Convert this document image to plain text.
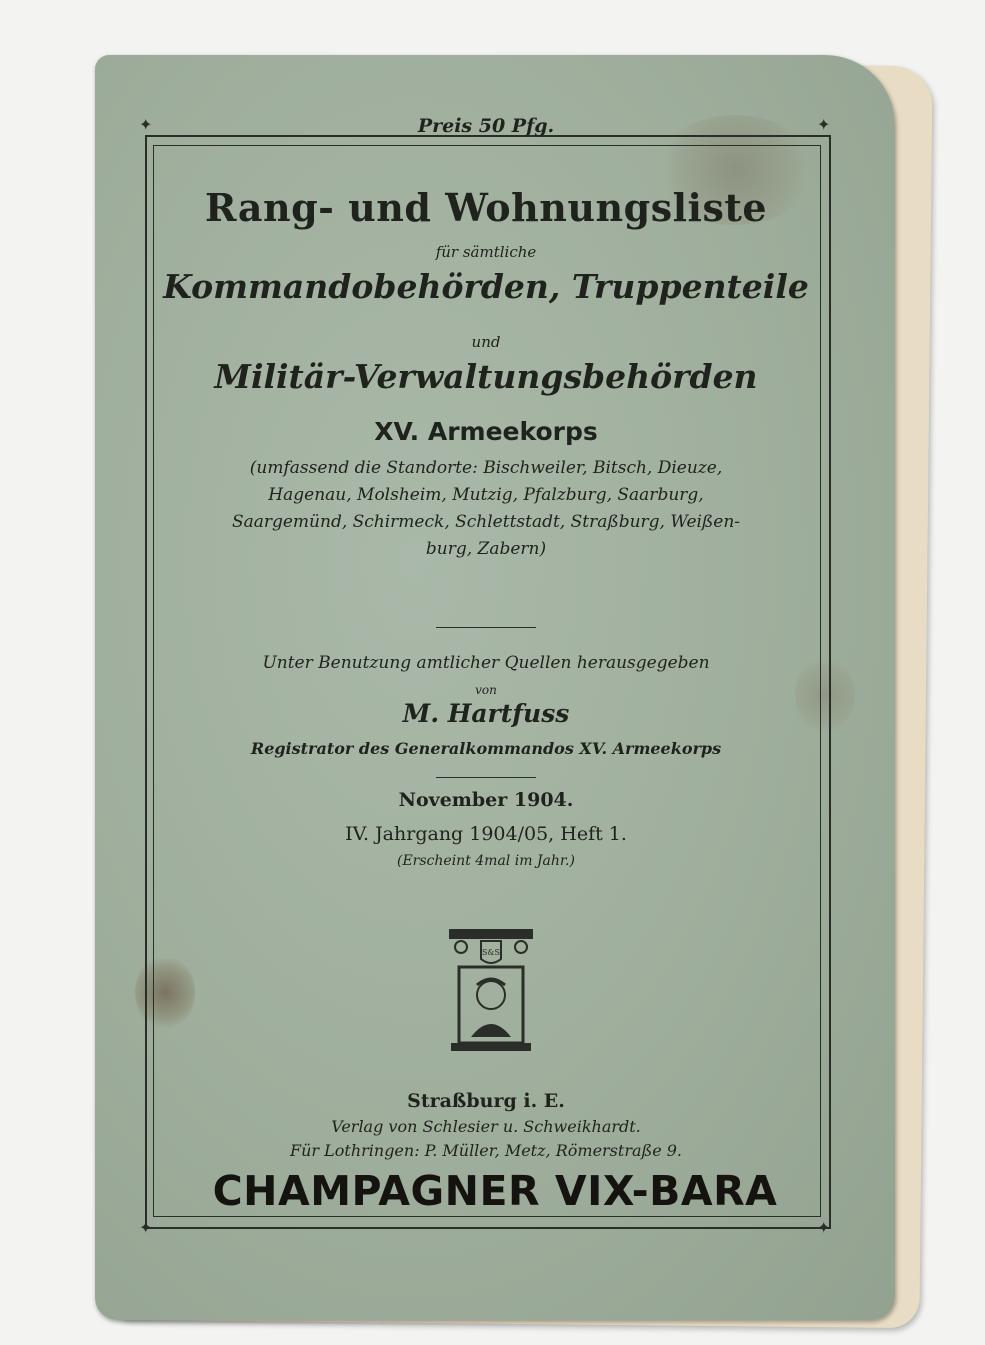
✦	✦
✦	✦
Preis 50 Pfg.
Rang- und Wohnungsliste
für sämtliche
Kommandobehörden, Truppenteile
und
Militär-Verwaltungsbehörden
XV. Armeekorps
(umfassend die Standorte: Bischweiler, Bitsch, Dieuze,
Hagenau, Molsheim, Mutzig, Pfalzburg, Saarburg,
Saargemünd, Schirmeck, Schlettstadt, Straßburg, Weißen-
burg, Zabern)
Unter Benutzung amtlicher Quellen herausgegeben
von
M. Hartfuss
Registrator des Generalkommandos XV. Armeekorps
November 1904.
IV. Jahrgang 1904/05, Heft 1.
(Erscheint 4mal im Jahr.)
S&S
Straßburg i. E.
Verlag von Schlesier u. Schweikhardt.
Für Lothringen: P. Müller, Metz, Römerstraße 9.
CHAMPAGNER VIX-BARA
